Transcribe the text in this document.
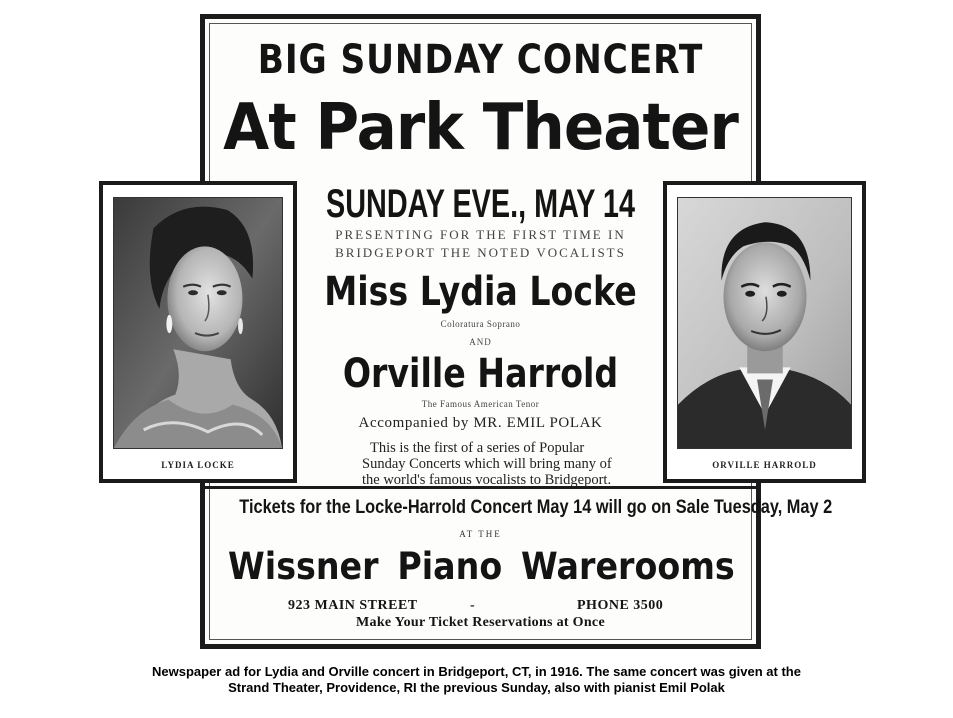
BIG SUNDAY CONCERT
At Park Theater
SUNDAY EVE., MAY 14
PRESENTING FOR THE FIRST TIME IN
BRIDGEPORT THE NOTED VOCALISTS
Miss Lydia Locke
Coloratura Soprano
AND
Orville Harrold
The Famous American Tenor
Accompanied by MR. EMIL POLAK
This is the first of a series of Popular
Sunday Concerts which will bring many of
the world's famous vocalists to Bridgeport.
Tickets for the Locke-Harrold Concert May 14 will go on Sale Tuesday, May 2
AT THE
Wissner Piano Warerooms
923 MAIN STREET	-	PHONE 3500
Make Your Ticket Reservations at Once
LYDIA LOCKE	ORVILLE HARROLD
Newspaper ad for Lydia and Orville concert in Bridgeport, CT, in 1916. The same concert was given at the
Strand Theater, Providence, RI the previous Sunday, also with pianist Emil Polak
